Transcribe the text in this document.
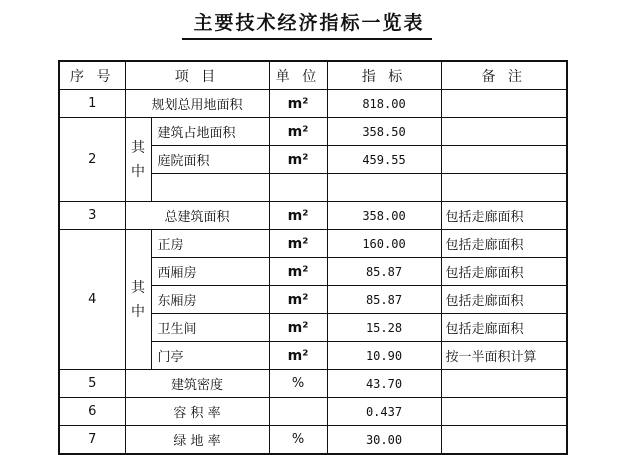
主要技术经济指标一览表
序 号	项 目		单 位	指 标	备 注
1	规划总用地面积		m²	818.00	
2	其中	建筑占地面积	m²	358.50	
		庭院面积	m²	459.55	

3	总建筑面积		m²	358.00	包括走廊面积
4	其中	正房	m²	160.00	包括走廊面积
		西厢房	m²	85.87	包括走廊面积
		东厢房	m²	85.87	包括走廊面积
		卫生间	m²	15.28	包括走廊面积
		门亭	m²	10.90	按一半面积计算
5	建筑密度		%	43.70	
6	容 积 率			0.437	
7	绿 地 率		%	30.00	
